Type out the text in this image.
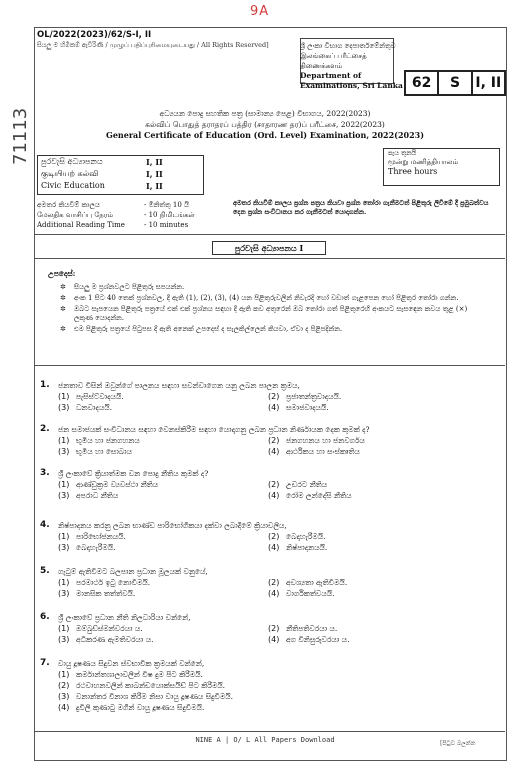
9A
71113
OL/2022(2023)/62/S-I, II
සියලු ම හිමිකම් ඇවිරිණි / முழுப் பதிப்புரிமையுடையது / All Rights Reserved]	ශ්‍රී ලංකා විභාග දෙපාර්තමේන්තුව
இலங்கைப் பரீட்சைத் திணைக்களம்
Department of Examinations, Sri Lanka 62	S	I, II
අධ්‍යයන පොදු සහතික පත්‍ර (සාමාන්‍ය පෙළ) විභාගය, 2022(2023)
கல்விப் பொதுத் தராதரப் பத்திர (சாதாரண தர)ப் பரீட்சை, 2022(2023)
General Certificate of Education (Ord. Level) Examination, 2022(2023)
පුරවැසි අධ්‍යාපනය	I, II
குடியியற் கல்வி	I, II
Civic Education	I, II
පැය තුනයි
மூன்று மணித்தியாலம்
Three hours
අමතර කියවීම් කාලය	- මිනිත්තු 10 යි
மேலதிக வாசிப்பு நேரம்	- 10 நிமிடங்கள்
Additional Reading Time	- 10 minutes
අමතර කියවීම් කාලය ප්‍රශ්න පත්‍රය කියවා ප්‍රශ්න තෝරා ගැනීමටත් පිළිතුරු ලිවීමේ දී ප්‍රමුඛත්වය දෙන ප්‍රශ්න සංවිධානය කර ගැනීමටත් යොදාගන්න.
පුරවැසි අධ්‍යාපනය I
උපදෙස්:
✲	සියලු ම ප්‍රශ්නවලට පිළිතුරු සපයන්න.
✲	අංක 1 සිට 40 තෙක් ප්‍රශ්නවල, දී ඇති (1), (2), (3), (4) යන පිළිතුරුවලින් නිවැරදි හෝ වඩාත් ගැළපෙන හෝ පිළිතුර තෝරා ගන්න.
✲	ඔබට සැපයෙන පිළිතුරු පත්‍රයේ එක් එක් ප්‍රශ්නය සඳහා දී ඇති කව අතුරෙන් ඔබ තෝරා ගත් පිළිතුරෙහි අංකයට සැසඳෙන කවය තුළ (×) ලකුණ යොදන්න.
✲	එම පිළිතුරු පත්‍රයේ පිටුපස දී ඇති අනෙක් උපදෙස් ද සැලකිල්ලෙන් කියවා, ඒවා ද පිළිපදින්න.
1.	ජනතාව විසින් ඔවුන්ගේ පාලනය සඳහා සවන්වාගෙන යනු ලබන පාලන ක්‍රමය,
(1) පැසිස්ට්වාදයයි.	(2) ප්‍රජාතන්ත්‍රවාදයයි.
(3) ධනවාදයයි.	(4) සමාජවාදයයි.
2.	ජන සමාජයක් සංවිධානය සඳහා වෙනස්කිරීම සඳහා යොදාගනු ලබන ප්‍රධාන නිර්ණායක දෙක කුමක් ද?
(1) භූමිය හා ජනගහනය	(2) ජනගහනය හා ජනවර්ගය
(3) භූමිය හා සොබාය	(4) ආර්ථිකය හා සංස්කෘතිය
3.	ශ්‍රී ලංකාවේ ක්‍රියාත්මක වන පොදු නීතිය කුමක් ද?
(1) ආණ්ඩුක්‍රම ව්‍යවස්ථා නීතිය	(2) උඩරට නීතිය
(3) අපරාධ නීතිය	(4) රෝම ලන්දේසි නීතිය
4.	නිෂ්පාදනය කරනු ලබන භාණ්ඩ පාරිභෝගිකයා දක්වා ලබාදීමේ ක්‍රියාවලිය,
(1) පාරිභෝජනයයි.	(2) බෙදාහැරීමයි.
(3) බෙදාහැරීමයි.	(4) නිෂ්පාදනයයි.
5.	ගැටුම් ඇතිවීමට බලපාන ප්‍රධාන මූලයක් වනුයේ,
(1) පරමාර්ථ ඉටු නොවීමයි.	(2) අවශ්‍යතා ඇතිවීමයි.
(3) මානසික තත්ත්වයි.	(4) වාර්ගිකත්වයයි.
6.	ශ්‍රී ලංකාවේ ප්‍රධාන නීති නිලධාරියා වන්නේ,
(1) ඔම්බුඩ්ස්මන්වරයා ය.	(2) නීතිපතිවරයා ය.
(3) අධිකරණ ඇමතිවරයා ය.	(4) අග විනිසුරුවරයා ය.
7.	වායු දූෂණය සිදුවන ස්වභාවික ක්‍රමයක් වන්නේ,
(1) කර්මාන්තශාලාවලින් විෂ දුම පිට කිරීමයි.
(2) රථවාහනවලින් කාබන්ඩයොක්සයිඩ් පිට කිරීමයි.
(3) වනාන්තර විනාශ කිරීම නිසා වායු දූෂණය සිදුවීමයි.
(4) දුවිලි කුණාටු මගින් වායු දූෂණය සිදුවීමයි.
NINE A | O/ L All Papers Download	[පිටුව බලන්න
